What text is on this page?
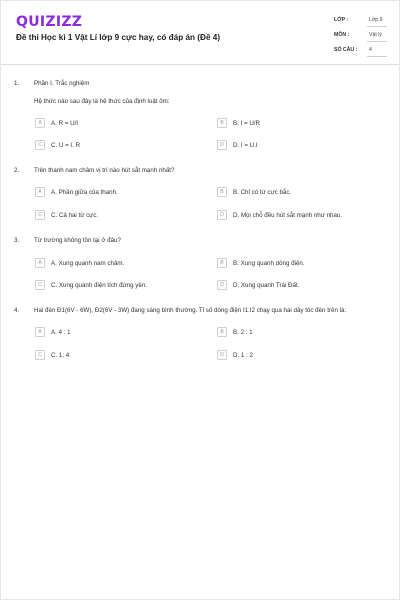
QUIZIZZ
Đề thi Học kì 1 Vật Lí lớp 9 cực hay, có đáp án (Đề 4)
LỚP :	Lớp 9
MÔN :	Vật lý
SỐ CÂU : 4
1. Phần I. Trắc nghiệm
Hệ thức nào sau đây là hệ thức của định luật ôm:
A	A. R = U/I	B	B. I = U/R
C	C. U = I. R	D	D. I = U.I
2. Trên thanh nam châm vị trí nào hút sắt mạnh nhất?
A	A. Phần giữa của thanh.	B	B. Chỉ có từ cực bắc.
C	C. Cả hai từ cực.	D	D. Mọi chỗ đều hút sắt mạnh như nhau.
3. Từ trường không tồn tại ở đâu?
A	A. Xung quanh nam châm.	B	B. Xung quanh dòng điện.
C	C. Xung quanh điện tích đứng yên.	D	D. Xung quanh Trái Đất.
4. Hai đèn Đ1(6V - 6W), Đ2(6V - 3W) đang sáng bình thường. Tỉ số dòng điện I1:I2 chạy qua hai dây tóc đèn trên là:
A	A. 4 : 1	B	B. 2 : 1
C	C. 1: 4	D	D. 1 : 2
